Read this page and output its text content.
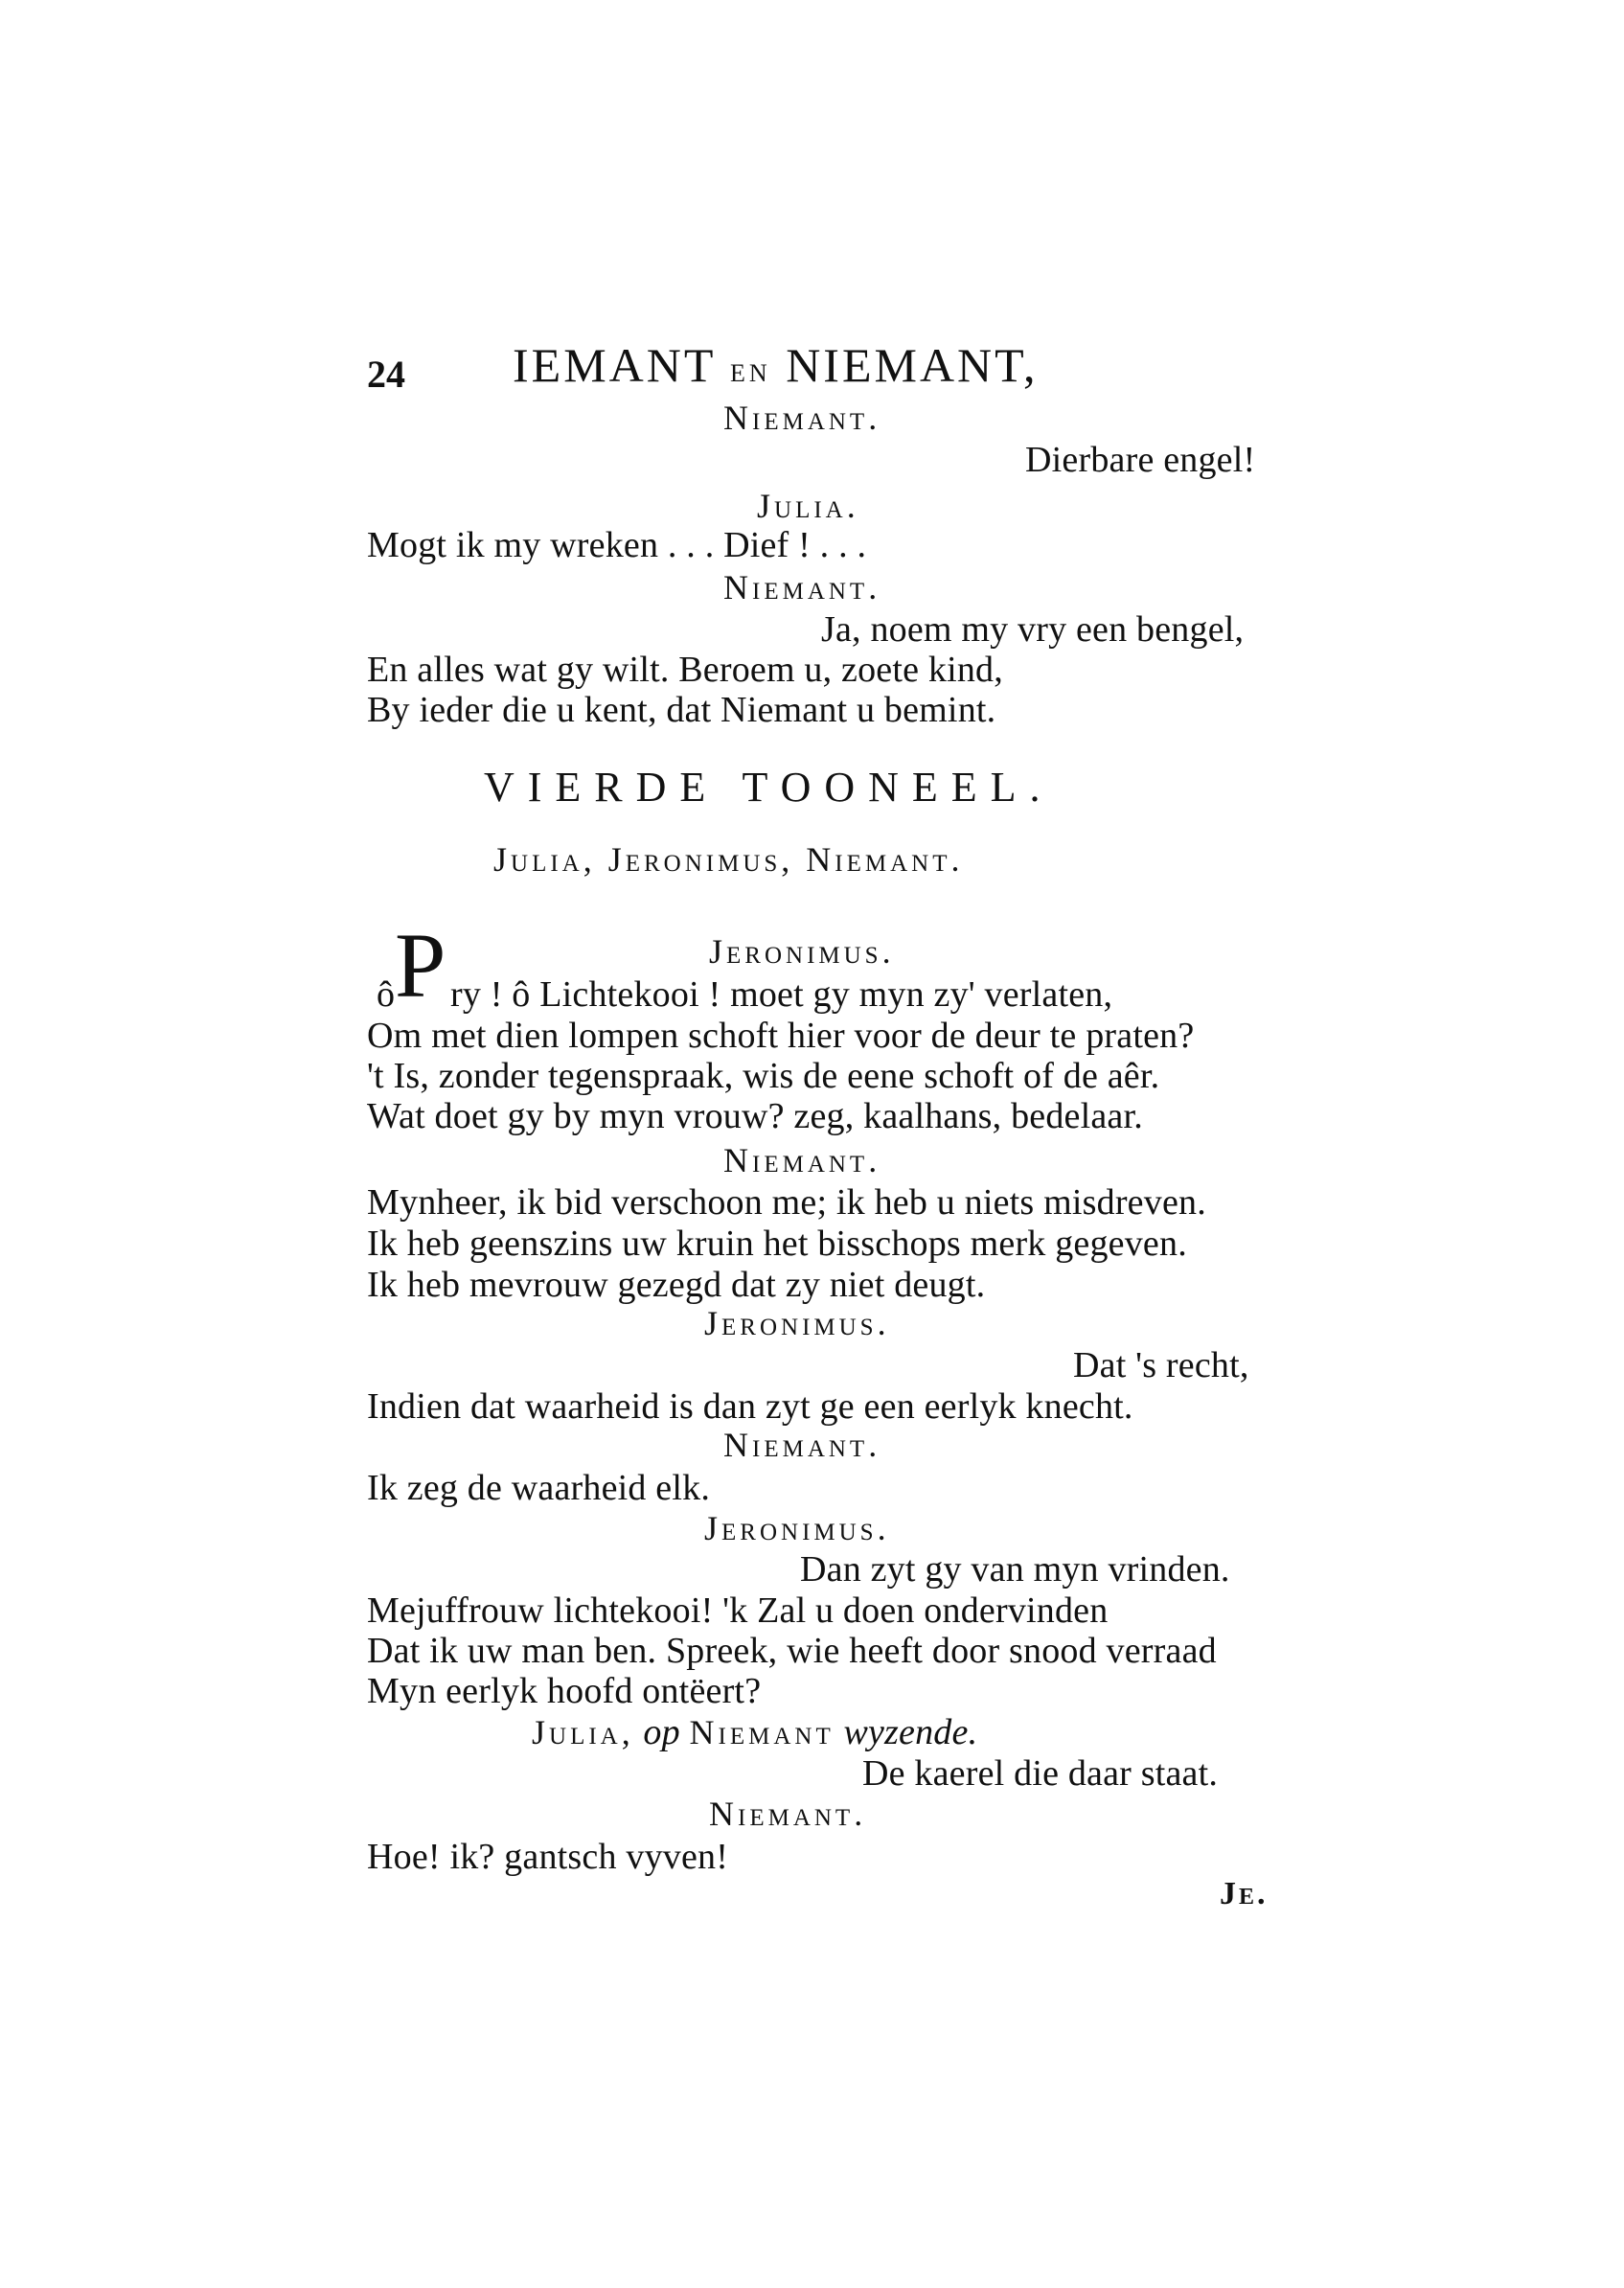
24 IEMANT EN NIEMANT,
Niemant.
Dierbare engel!
Julia.
Mogt ik my wreken . . . Dief ! . . .
Niemant.
Ja, noem my vry een bengel,
En alles wat gy wilt. Beroem u, zoete kind,
By ieder die u kent, dat Niemant u bemint.
VIERDE TOONEEL.
Julia, Jeronimus, Niemant.
ô P	Jeronimus.
ry ! ô Lichtekooi ! moet gy myn zy' verlaten,
Om met dien lompen schoft hier voor de deur te praten?
't Is, zonder tegenspraak, wis de eene schoft of de aêr.
Wat doet gy by myn vrouw? zeg, kaalhans, bedelaar.
Niemant.
Mynheer, ik bid verschoon me; ik heb u niets misdreven.
Ik heb geenszins uw kruin het bisschops merk gegeven.
Ik heb mevrouw gezegd dat zy niet deugt.
Jeronimus.
Dat 's recht,
Indien dat waarheid is dan zyt ge een eerlyk knecht.
Niemant.
Ik zeg de waarheid elk.
Jeronimus.
Dan zyt gy van myn vrinden.
Mejuffrouw lichtekooi! 'k Zal u doen ondervinden
Dat ik uw man ben. Spreek, wie heeft door snood verraad
Myn eerlyk hoofd ontëert?
Julia, op Niemant wyzende.
De kaerel die daar staat.
Niemant.
Hoe! ik? gantsch vyven!
Je.
